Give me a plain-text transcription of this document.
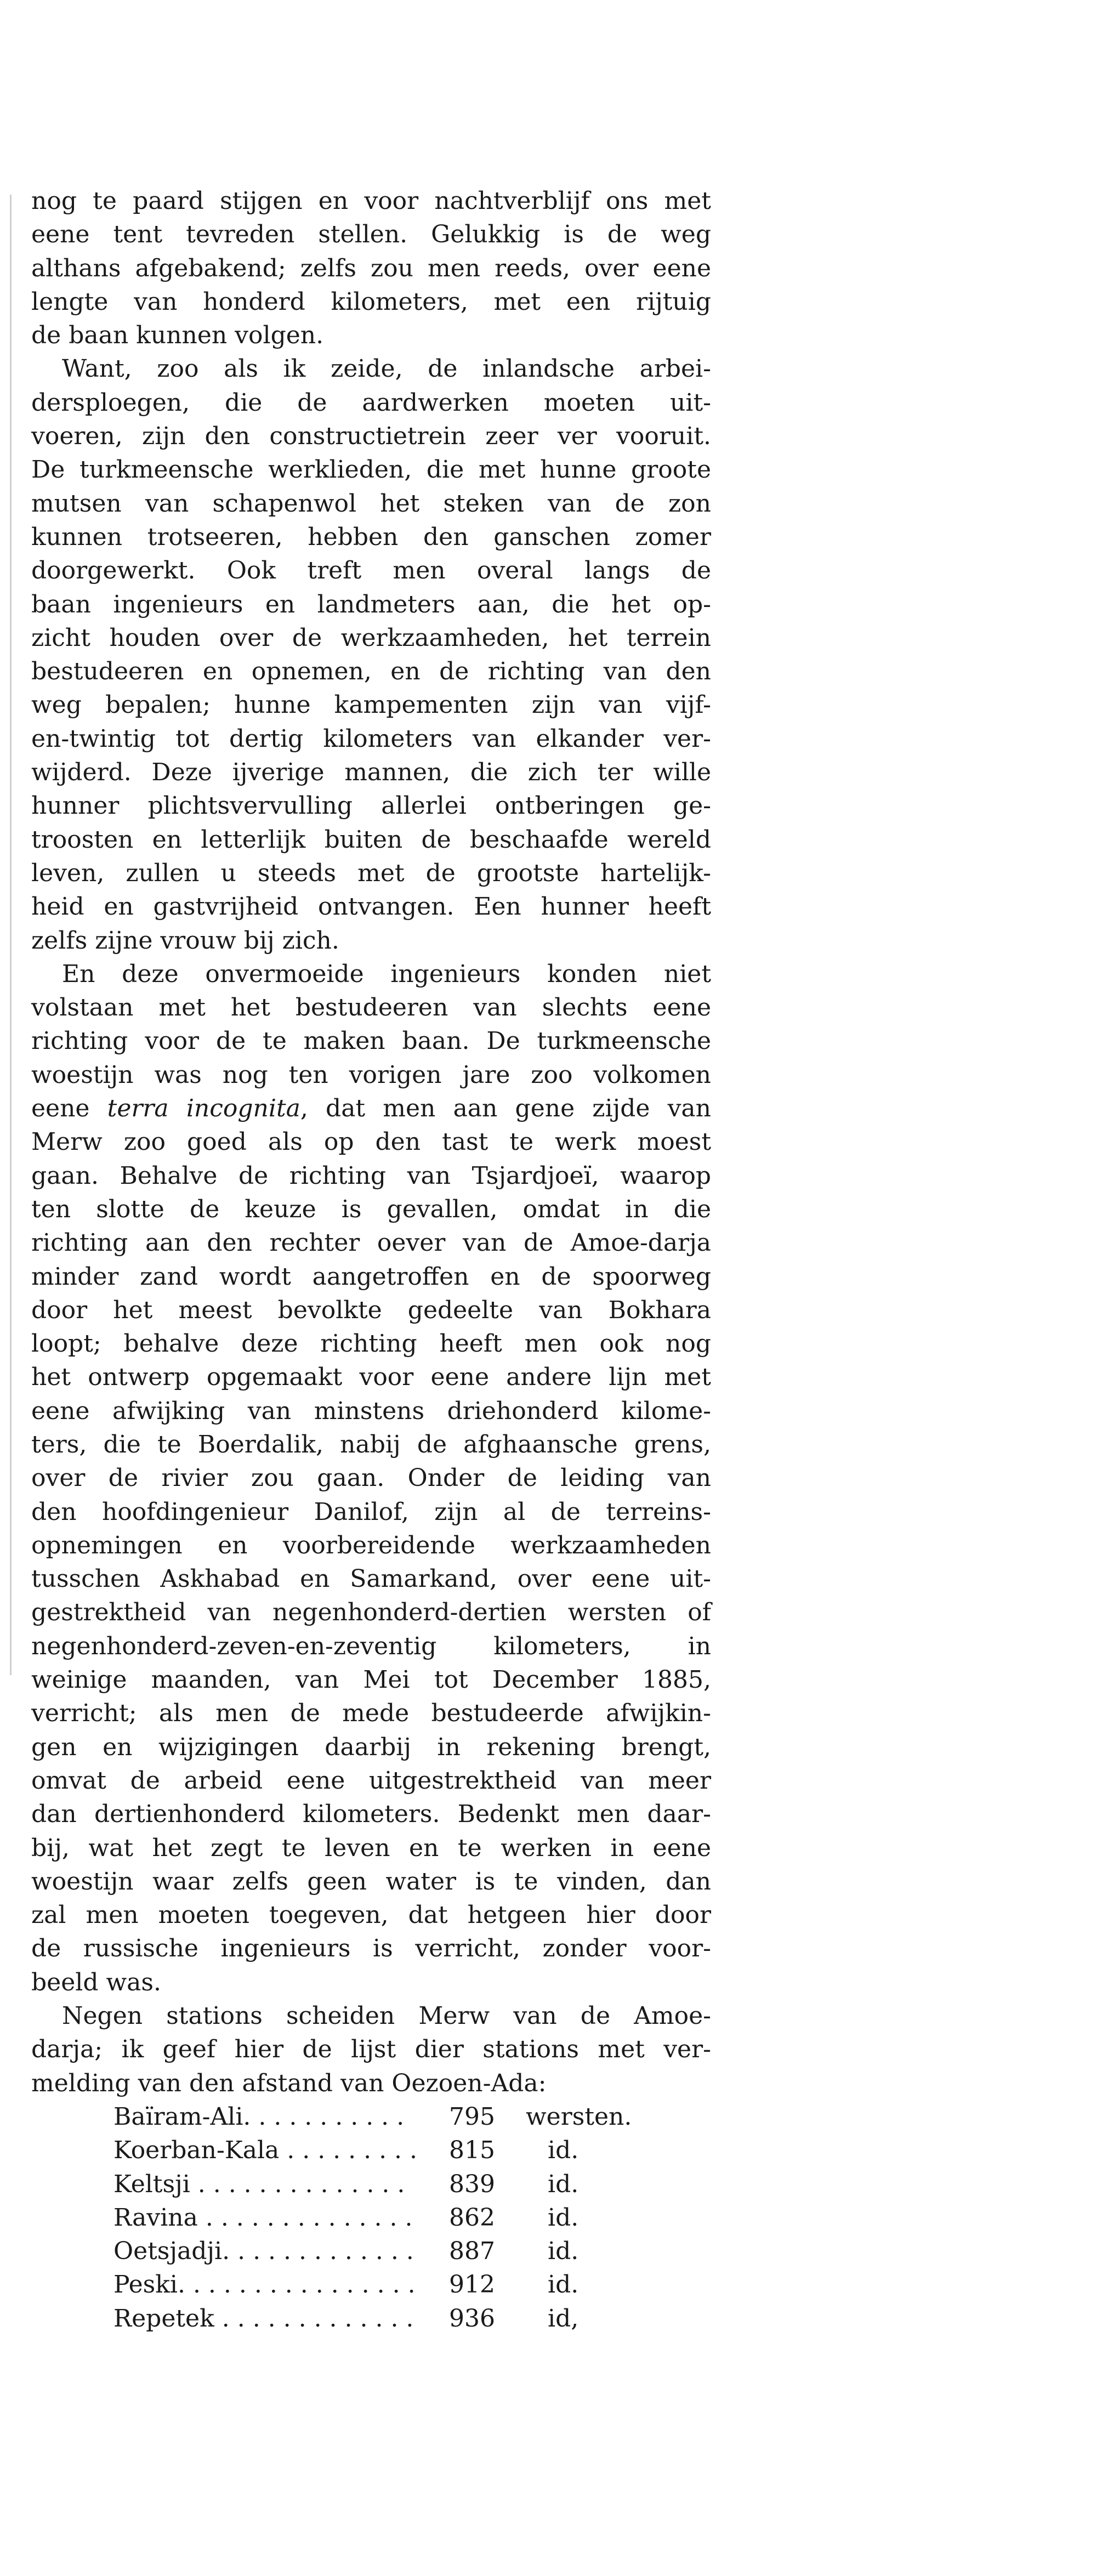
nog te paard stijgen en voor nachtverblijf ons met
eene tent tevreden stellen. Gelukkig is de weg
althans afgebakend; zelfs zou men reeds, over eene
lengte van honderd kilometers, met een rijtuig
de baan kunnen volgen.

Want, zoo als ik zeide, de inlandsche arbei-
dersploegen, die de aardwerken moeten uit-
voeren, zijn den constructietrein zeer ver vooruit.
De turkmeensche werklieden, die met hunne groote
mutsen van schapenwol het steken van de zon
kunnen trotseeren, hebben den ganschen zomer
doorgewerkt. Ook treft men overal langs de
baan ingenieurs en landmeters aan, die het op-
zicht houden over de werkzaamheden, het terrein
bestudeeren en opnemen, en de richting van den
weg bepalen; hunne kampementen zijn van vijf-
en-twintig tot dertig kilometers van elkander ver-
wijderd. Deze ijverige mannen, die zich ter wille
hunner plichtsvervulling allerlei ontberingen ge-
troosten en letterlijk buiten de beschaafde wereld
leven, zullen u steeds met de grootste hartelijk-
heid en gastvrijheid ontvangen. Een hunner heeft
zelfs zijne vrouw bij zich.

En deze onvermoeide ingenieurs konden niet
volstaan met het bestudeeren van slechts eene
richting voor de te maken baan. De turkmeensche
woestijn was nog ten vorigen jare zoo volkomen
eene terra incognita, dat men aan gene zijde van
Merw zoo goed als op den tast te werk moest
gaan. Behalve de richting van Tsjardjoeï, waarop
ten slotte de keuze is gevallen, omdat in die
richting aan den rechter oever van de Amoe-darja
minder zand wordt aangetroffen en de spoorweg
door het meest bevolkte gedeelte van Bokhara
loopt; behalve deze richting heeft men ook nog
het ontwerp opgemaakt voor eene andere lijn met
eene afwijking van minstens driehonderd kilome-
ters, die te Boerdalik, nabij de afghaansche grens,
over de rivier zou gaan. Onder de leiding van
den hoofdingenieur Danilof, zijn al de terreins-
opnemingen en voorbereidende werkzaamheden
tusschen Askhabad en Samarkand, over eene uit-
gestrektheid van negenhonderd-dertien wersten of
negenhonderd-zeven-en-zeventig kilometers, in
weinige maanden, van Mei tot December 1885,
verricht; als men de mede bestudeerde afwijkin-
gen en wijzigingen daarbij in rekening brengt,
omvat de arbeid eene uitgestrektheid van meer
dan dertienhonderd kilometers. Bedenkt men daar-
bij, wat het zegt te leven en te werken in eene
woestijn waar zelfs geen water is te vinden, dan
zal men moeten toegeven, dat hetgeen hier door
de russische ingenieurs is verricht, zonder voor-
beeld was.

Negen stations scheiden Merw van de Amoe-
darja; ik geef hier de lijst dier stations met ver-
melding van den afstand van Oezoen-Ada:

Baïram-Ali. . . . . . . . . . .	795	wersten.
Koerban-Kala . . . . . . . . .	815	id.
Keltsji . . . . . . . . . . . . . .	839	id.
Ravina . . . . . . . . . . . . . .	862	id.
Oetsjadji. . . . . . . . . . . . .	887	id.
Peski. . . . . . . . . . . . . . . .	912	id.
Repetek . . . . . . . . . . . . .	936	id,
